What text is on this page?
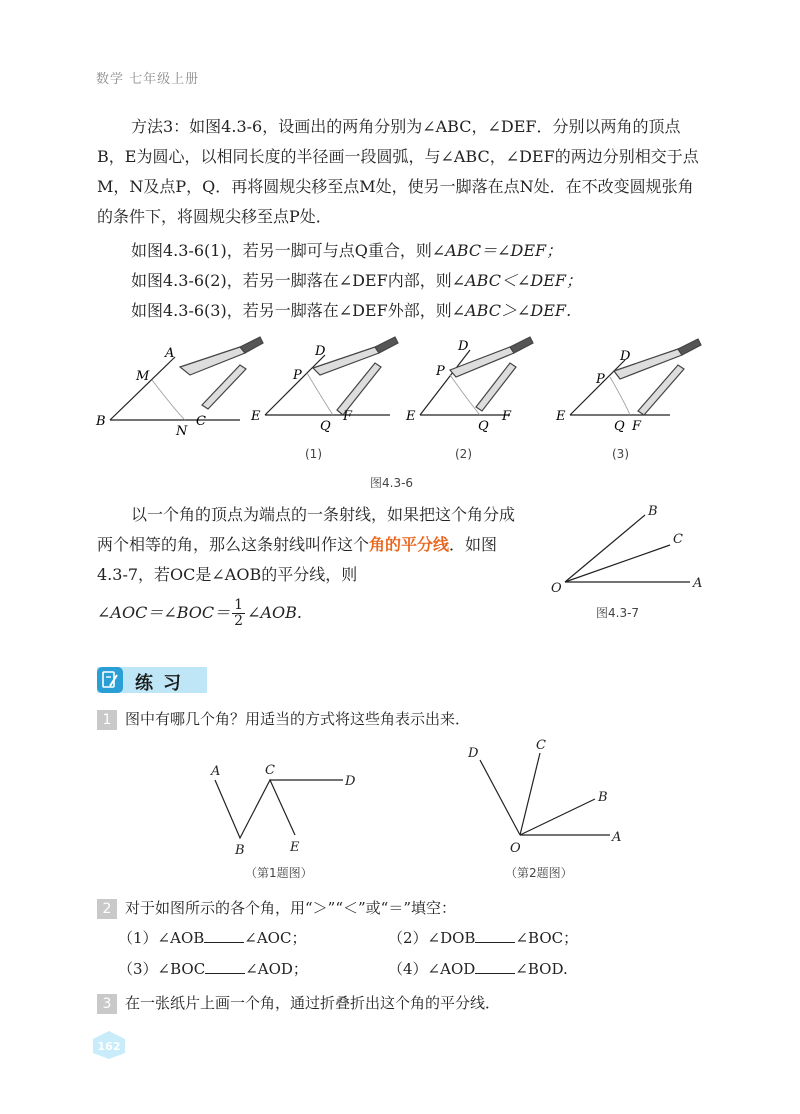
数学 七年级上册
方法3：如图4.3-6，设画出的两角分别为∠ABC，∠DEF．分别以两角的顶点B，E为圆心，以相同长度的半径画一段圆弧，与∠ABC，∠DEF的两边分别相交于点M，N及点P，Q．再将圆规尖移至点M处，使另一脚落在点N处．在不改变圆规张角的条件下，将圆规尖移至点P处．
如图4.3-6(1)，若另一脚可与点Q重合，则∠ABC＝∠DEF；
如图4.3-6(2)，若另一脚落在∠DEF内部，则∠ABC＜∠DEF；
如图4.3-6(3)，若另一脚落在∠DEF外部，则∠ABC＞∠DEF．
B
A
M
N
C	E
D
P
Q
F	E
D
P
Q
F	E
D
P
Q F
(1)	(2)	(3)
图4.3-6
以一个角的顶点为端点的一条射线，如果把这个角分成两个相等的角，那么这条射线叫作这个角的平分线．如图4.3-7，若OC是∠AOB的平分线，则
∠AOC＝∠BOC＝ $\frac{1}{2}$ ∠AOB.
O	A
B
C
图4.3-7
练习
1 图中有哪几个角？用适当的方式将这些角表示出来．
A
B
C
D
E
（第1题图）
O
A
B
C
D
（第2题图）
2 对于如图所示的各个角，用“＞”“＜”或“＝”填空：
（1）∠AOB	∠AOC；	（2）∠DOB	∠BOC；
（3）∠BOC	∠AOD；	（4）∠AOD	∠BOD.
3 在一张纸片上画一个角，通过折叠折出这个角的平分线．
162
